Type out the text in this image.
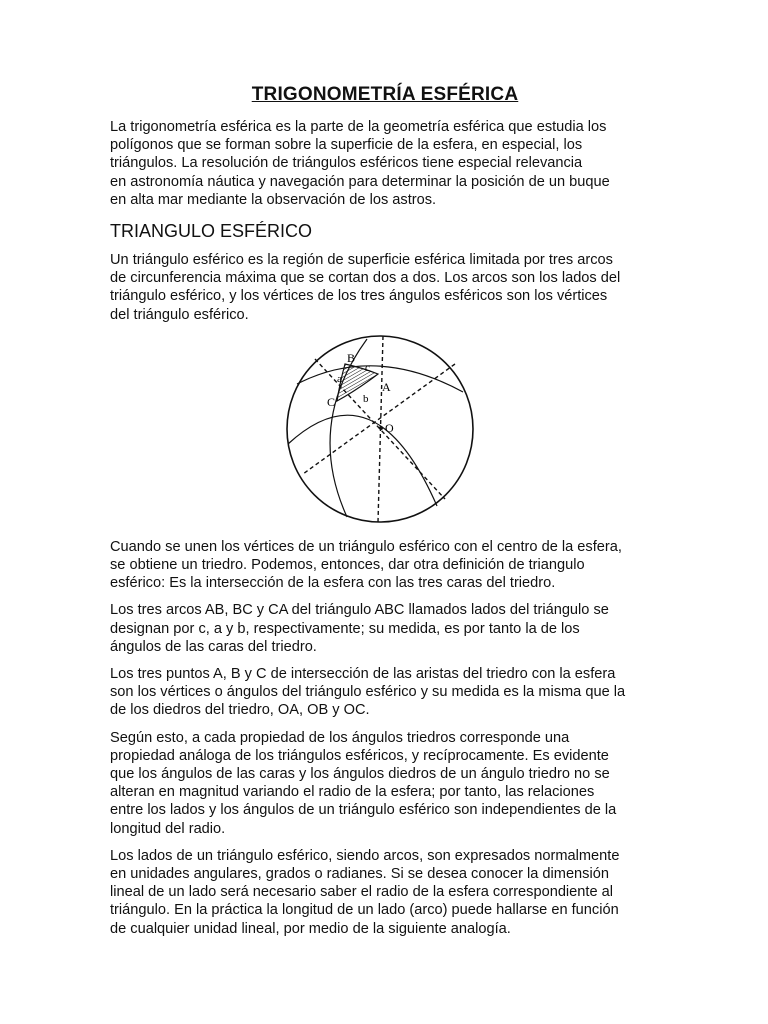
TRIGONOMETRÍA ESFÉRICA

La trigonometría esférica es la parte de la geometría esférica que estudia los
polígonos que se forman sobre la superficie de la esfera, en especial, los
triángulos. La resolución de triángulos esféricos tiene especial relevancia
en astronomía náutica y navegación para determinar la posición de un buque
en alta mar mediante la observación de los astros.

TRIANGULO ESFÉRICO

Un triángulo esférico es la región de superficie esférica limitada por tres arcos
de circunferencia máxima que se cortan dos a dos. Los arcos son los lados del
triángulo esférico, y los vértices de los tres ángulos esféricos son los vértices
del triángulo esférico.

B
c
a
A
C	b
O

Cuando se unen los vértices de un triángulo esférico con el centro de la esfera,
se obtiene un triedro. Podemos, entonces, dar otra definición de triangulo
esférico: Es la intersección de la esfera con las tres caras del triedro.

Los tres arcos AB, BC y CA del triángulo ABC llamados lados del triángulo se
designan por c, a y b, respectivamente; su medida, es por tanto la de los
ángulos de las caras del triedro.

Los tres puntos A, B y C de intersección de las aristas del triedro con la esfera
son los vértices o ángulos del triángulo esférico y su medida es la misma que la
de los diedros del triedro, OA, OB y OC.

Según esto, a cada propiedad de los ángulos triedros corresponde una
propiedad análoga de los triángulos esféricos, y recíprocamente. Es evidente
que los ángulos de las caras y los ángulos diedros de un ángulo triedro no se
alteran en magnitud variando el radio de la esfera; por tanto, las relaciones
entre los lados y los ángulos de un triángulo esférico son independientes de la
longitud del radio.

Los lados de un triángulo esférico, siendo arcos, son expresados normalmente
en unidades angulares, grados o radianes. Si se desea conocer la dimensión
lineal de un lado será necesario saber el radio de la esfera correspondiente al
triángulo. En la práctica la longitud de un lado (arco) puede hallarse en función
de cualquier unidad lineal, por medio de la siguiente analogía.
